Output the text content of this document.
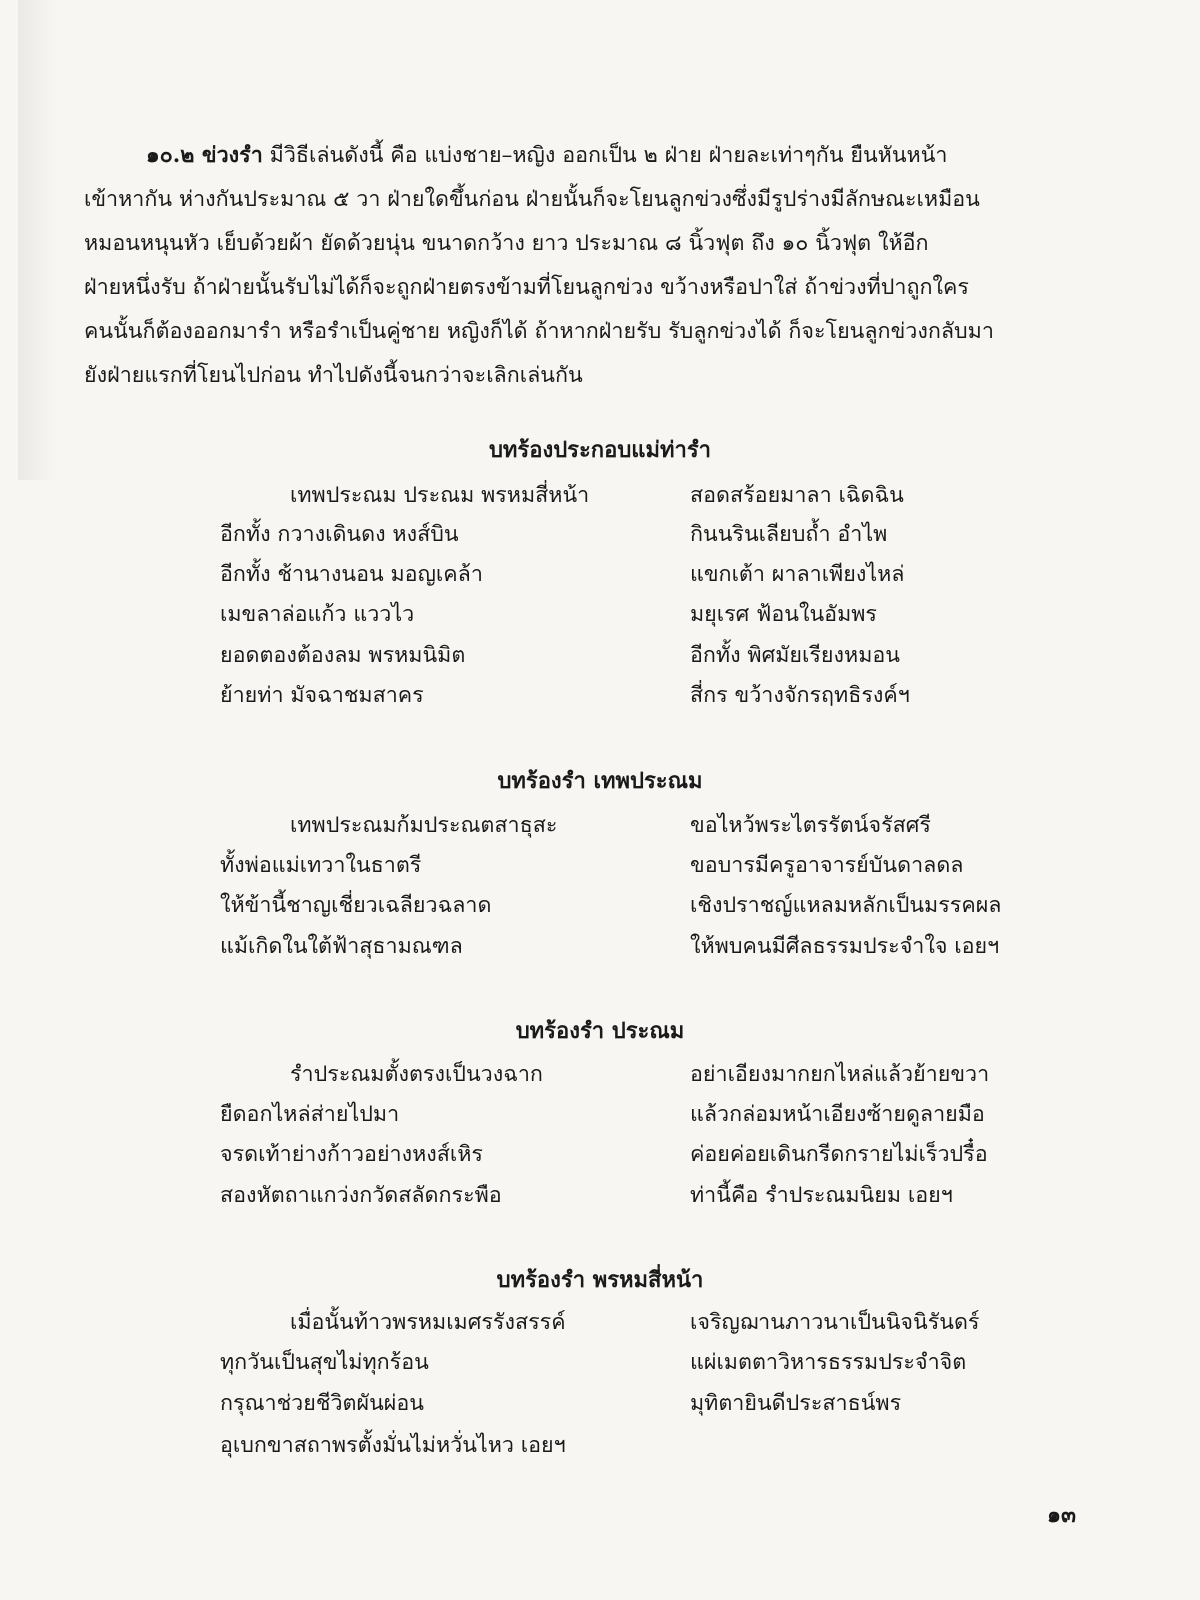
๑๐.๒ ข่วงรำ มีวิธีเล่นดังนี้ คือ แบ่งชาย–หญิง ออกเป็น ๒ ฝ่าย ฝ่ายละเท่าๆกัน ยืนหันหน้า
เข้าหากัน ห่างกันประมาณ ๕ วา ฝ่ายใดขึ้นก่อน ฝ่ายนั้นก็จะโยนลูกข่วงซึ่งมีรูปร่างมีลักษณะเหมือน
หมอนหนุนหัว เย็บด้วยผ้า ยัดด้วยนุ่น ขนาดกว้าง ยาว ประมาณ ๘ นิ้วฟุต ถึง ๑๐ นิ้วฟุต ให้อีก
ฝ่ายหนึ่งรับ ถ้าฝ่ายนั้นรับไม่ได้ก็จะถูกฝ่ายตรงข้ามที่โยนลูกข่วง ขว้างหรือปาใส่ ถ้าข่วงที่ปาถูกใคร
คนนั้นก็ต้องออกมารำ หรือรำเป็นคู่ชาย หญิงก็ได้ ถ้าหากฝ่ายรับ รับลูกข่วงได้ ก็จะโยนลูกข่วงกลับมา
ยังฝ่ายแรกที่โยนไปก่อน ทำไปดังนี้จนกว่าจะเลิกเล่นกัน
บทร้องประกอบแม่ท่ารำ
เทพประณม ประณม พรหมสี่หน้า	สอดสร้อยมาลา เฉิดฉิน
อีกทั้ง กวางเดินดง หงส์บิน	กินนรินเลียบถ้ำ อำไพ
อีกทั้ง ช้านางนอน มอญเคล้า	แขกเต้า ผาลาเพียงไหล่
เมขลาล่อแก้ว แววไว	มยุเรศ ฟ้อนในอัมพร
ยอดตองต้องลม พรหมนิมิต	อีกทั้ง พิศมัยเรียงหมอน
ย้ายท่า มัจฉาชมสาคร	สี่กร ขว้างจักรฤทธิรงค์ฯ
บทร้องรำ เทพประณม
เทพประณมก้มประณตสาธุสะ	ขอไหว้พระไตรรัตน์จรัสศรี
ทั้งพ่อแม่เทวาในธาตรี	ขอบารมีครูอาจารย์บันดาลดล
ให้ข้านี้ชาญเชี่ยวเฉลียวฉลาด	เชิงปราชญ์แหลมหลักเป็นมรรคผล
แม้เกิดในใต้ฟ้าสุธามณฑล	ให้พบคนมีศีลธรรมประจำใจ เอยฯ
บทร้องรำ ประณม
รำประณมตั้งตรงเป็นวงฉาก	อย่าเอียงมากยกไหล่แล้วย้ายขวา
ยืดอกไหล่ส่ายไปมา	แล้วกล่อมหน้าเอียงซ้ายดูลายมือ
จรดเท้าย่างก้าวอย่างหงส์เหิร	ค่อยค่อยเดินกรีดกรายไม่เร็วปรื๋อ
สองหัตถาแกว่งกวัดสลัดกระพือ	ท่านี้คือ รำประณมนิยม เอยฯ
บทร้องรำ พรหมสี่หน้า
เมื่อนั้นท้าวพรหมเมศรรังสรรค์	เจริญฌานภาวนาเป็นนิจนิรันดร์
ทุกวันเป็นสุขไม่ทุกร้อน	แผ่เมตตาวิหารธรรมประจำจิต
กรุณาช่วยชีวิตผันผ่อน	มุทิตายินดีประสาธน์พร
อุเบกขาสถาพรตั้งมั่นไม่หวั่นไหว เอยฯ
๑๓
